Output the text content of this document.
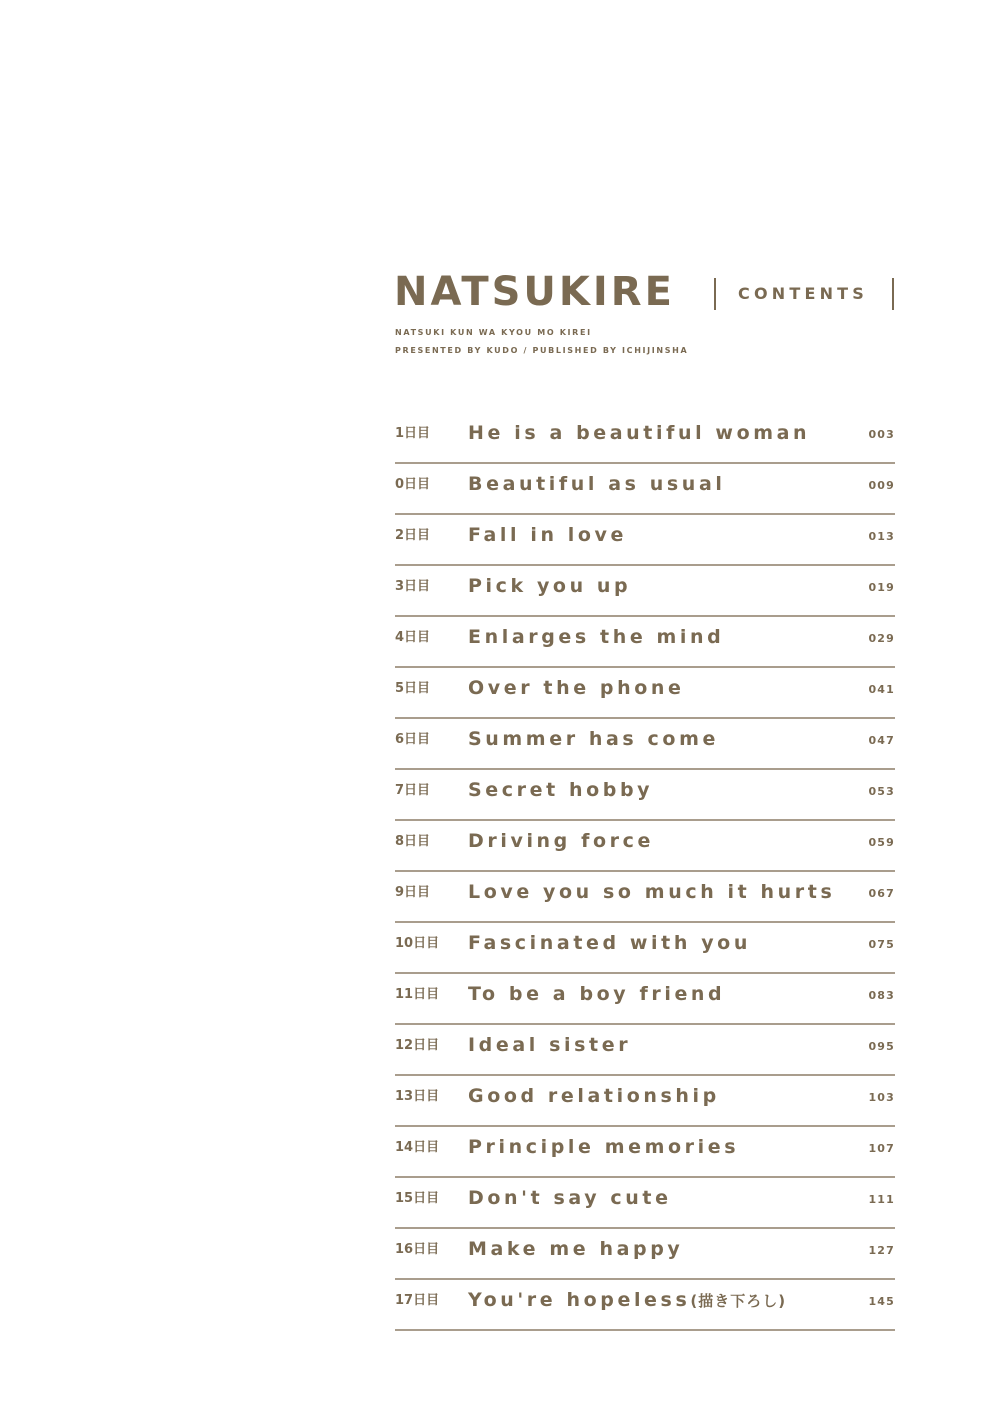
NATSUKIRE	CONTENTS
NATSUKI KUN WA KYOU MO KIREI
PRESENTED BY KUDO / PUBLISHED BY ICHIJINSHA
1日目 He is a beautiful woman	003
0日目 Beautiful as usual	009
2日目 Fall in love	013
3日目 Pick you up	019
4日目 Enlarges the mind	029
5日目 Over the phone	041
6日目 Summer has come	047
7日目 Secret hobby	053
8日目 Driving force	059
9日目 Love you so much it hurts	067
10日目 Fascinated with you	075
11日目 To be a boy friend	083
12日目 Ideal sister	095
13日目 Good relationship	103
14日目 Principle memories	107
15日目 Don't say cute	111
16日目 Make me happy	127
17日目 You're hopeless(描き下ろし)	145
